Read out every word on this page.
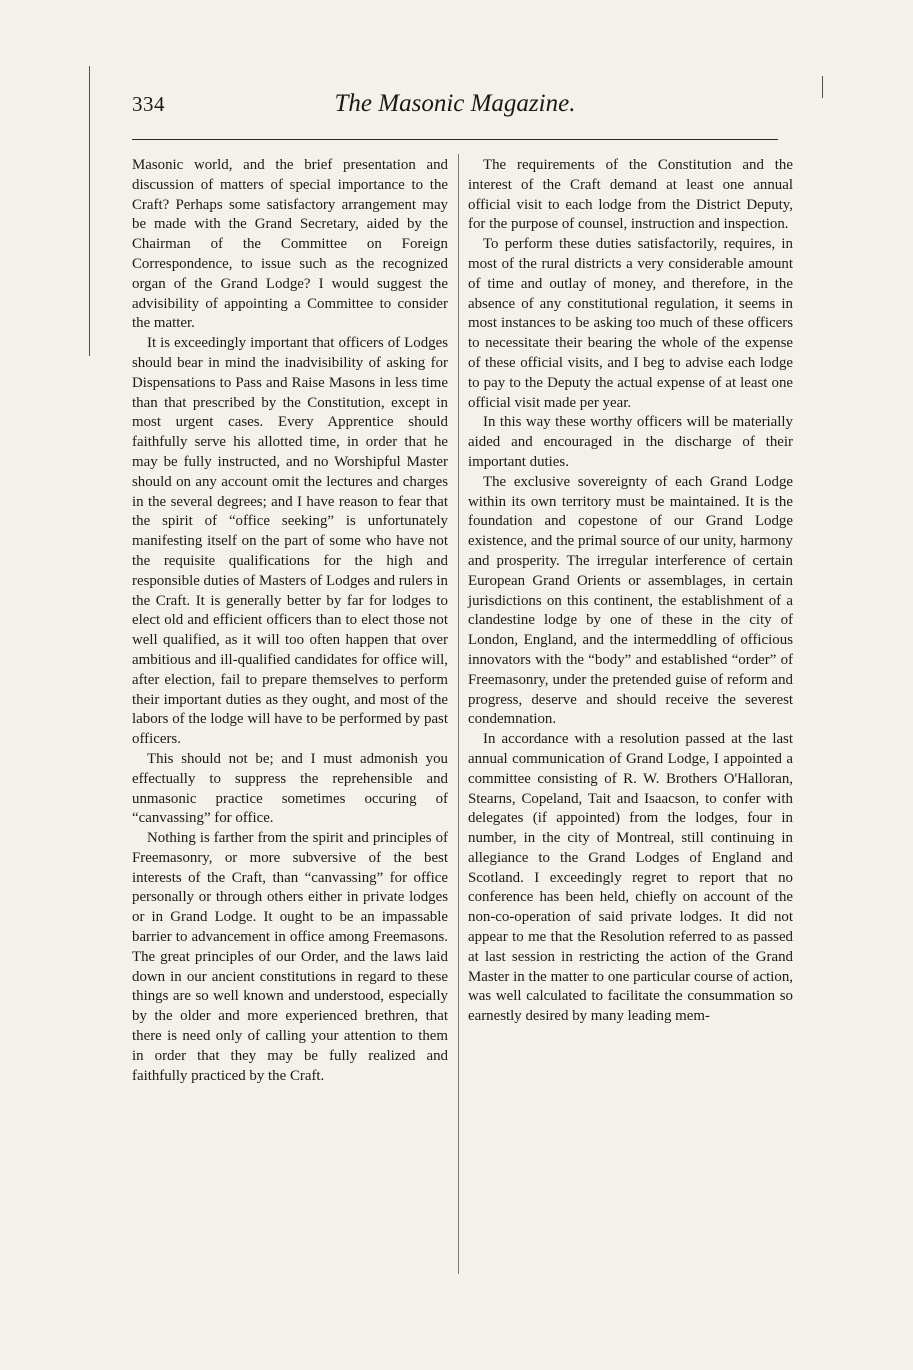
334	The Masonic Magazine.

Masonic world, and the brief presentation and discussion of matters of special importance to the Craft? Perhaps some satisfactory arrangement may be made with the Grand Secretary, aided by the Chairman of the Committee on Foreign Correspondence, to issue such as the recognized organ of the Grand Lodge? I would suggest the advisibility of appointing a Committee to consider the matter.

It is exceedingly important that officers of Lodges should bear in mind the inadvisibility of asking for Dispensations to Pass and Raise Masons in less time than that prescribed by the Constitution, except in most urgent cases. Every Apprentice should faithfully serve his allotted time, in order that he may be fully instructed, and no Worshipful Master should on any account omit the lectures and charges in the several degrees; and I have reason to fear that the spirit of “office seeking” is unfortunately manifesting itself on the part of some who have not the requisite qualifications for the high and responsible duties of Masters of Lodges and rulers in the Craft. It is generally better by far for lodges to elect old and efficient officers than to elect those not well qualified, as it will too often happen that over ambitious and ill-qualified candidates for office will, after election, fail to prepare themselves to perform their important duties as they ought, and most of the labors of the lodge will have to be performed by past officers.

This should not be; and I must admonish you effectually to suppress the reprehensible and unmasonic practice sometimes occuring of “canvassing” for office.

Nothing is farther from the spirit and principles of Freemasonry, or more subversive of the best interests of the Craft, than “canvassing” for office personally or through others either in private lodges or in Grand Lodge. It ought to be an impassable barrier to advancement in office among Freemasons. The great principles of our Order, and the laws laid down in our ancient constitutions in regard to these things are so well known and understood, especially by the older and more experienced brethren, that there is need only of calling your attention to them in order that they may be fully realized and faithfully practiced by the Craft.

The requirements of the Constitution and the interest of the Craft demand at least one annual official visit to each lodge from the District Deputy, for the purpose of counsel, instruction and inspection.

To perform these duties satisfactorily, requires, in most of the rural districts a very considerable amount of time and outlay of money, and therefore, in the absence of any constitutional regulation, it seems in most instances to be asking too much of these officers to necessitate their bearing the whole of the expense of these official visits, and I beg to advise each lodge to pay to the Deputy the actual expense of at least one official visit made per year.

In this way these worthy officers will be materially aided and encouraged in the discharge of their important duties.

The exclusive sovereignty of each Grand Lodge within its own territory must be maintained. It is the foundation and copestone of our Grand Lodge existence, and the primal source of our unity, harmony and prosperity. The irregular interference of certain European Grand Orients or assemblages, in certain jurisdictions on this continent, the establishment of a clandestine lodge by one of these in the city of London, England, and the intermeddling of officious innovators with the “body” and established “order” of Freemasonry, under the pretended guise of reform and progress, deserve and should receive the severest condemnation.

In accordance with a resolution passed at the last annual communication of Grand Lodge, I appointed a committee consisting of R. W. Brothers O'Halloran, Stearns, Copeland, Tait and Isaacson, to confer with delegates (if appointed) from the lodges, four in number, in the city of Montreal, still continuing in allegiance to the Grand Lodges of England and Scotland. I exceedingly regret to report that no conference has been held, chiefly on account of the non-co-operation of said private lodges. It did not appear to me that the Resolution referred to as passed at last session in restricting the action of the Grand Master in the matter to one particular course of action, was well calculated to facilitate the consummation so earnestly desired by many leading mem-
